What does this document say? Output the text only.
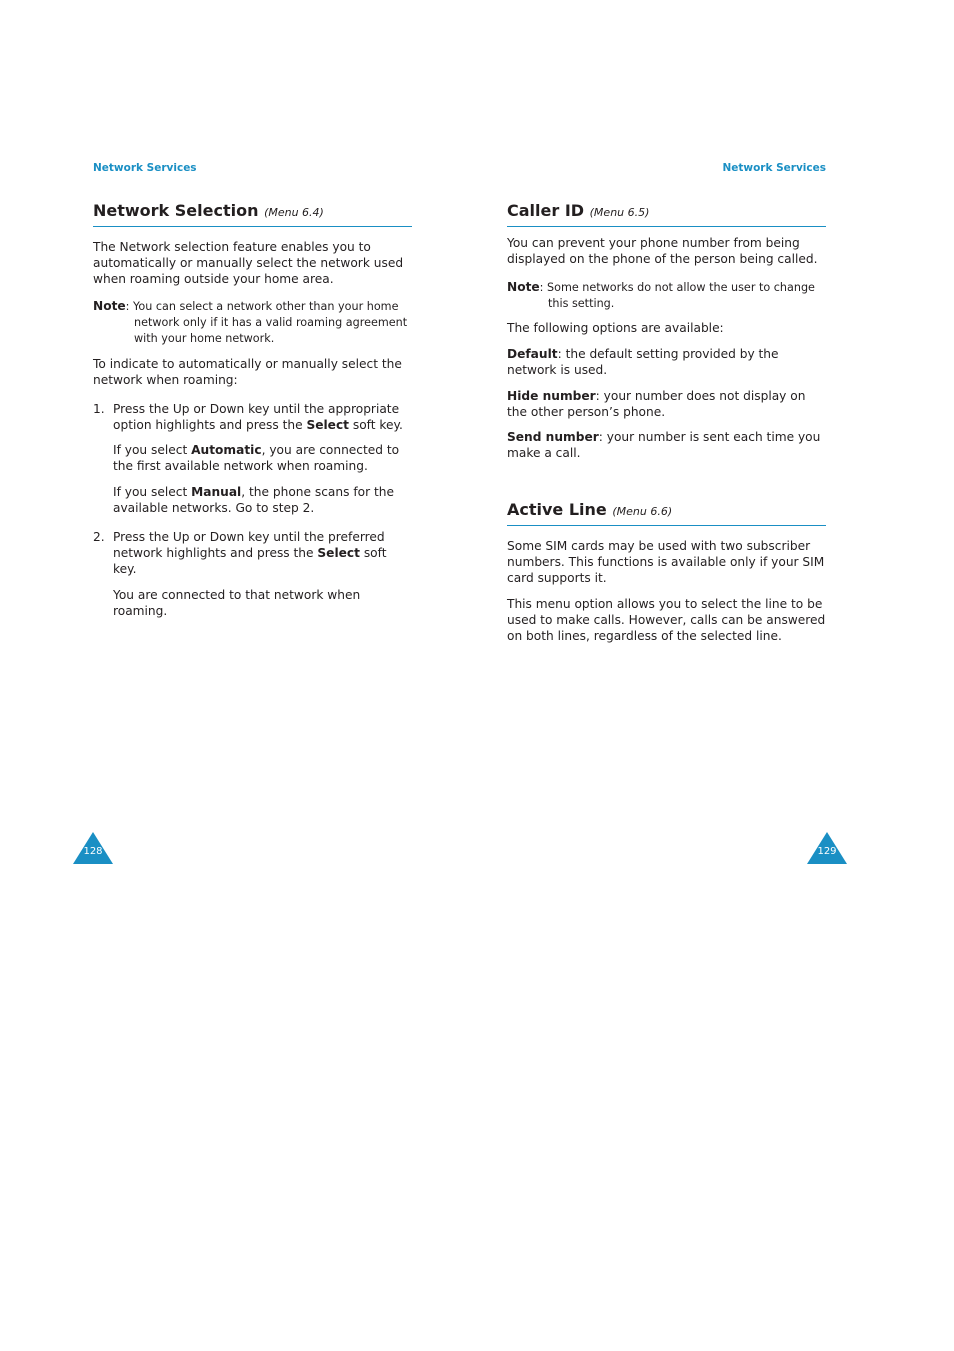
Network Services	Network Services
Network Selection (Menu 6.4)

The Network selection feature enables you to automatically or manually select the network used when roaming outside your home area.

Note: You can select a network other than your home
network only if it has a valid roaming agreement with your home network.

To indicate to automatically or manually select the network when roaming:

1. Press the Up or Down key until the appropriate option highlights and press the Select soft key.
If you select Automatic, you are connected to the first available network when roaming.
If you select Manual, the phone scans for the available networks. Go to step 2.
2. Press the Up or Down key until the preferred network highlights and press the Select soft key.
You are connected to that network when roaming.
Caller ID (Menu 6.5)

You can prevent your phone number from being displayed on the phone of the person being called.

Note: Some networks do not allow the user to change
this setting.

The following options are available:

Default: the default setting provided by the network is used.

Hide number: your number does not display on the other person’s phone.

Send number: your number is sent each time you make a call.

Active Line (Menu 6.6)

Some SIM cards may be used with two subscriber numbers. This functions is available only if your SIM card supports it.

This menu option allows you to select the line to be used to make calls. However, calls can be answered on both lines, regardless of the selected line.

128	129
